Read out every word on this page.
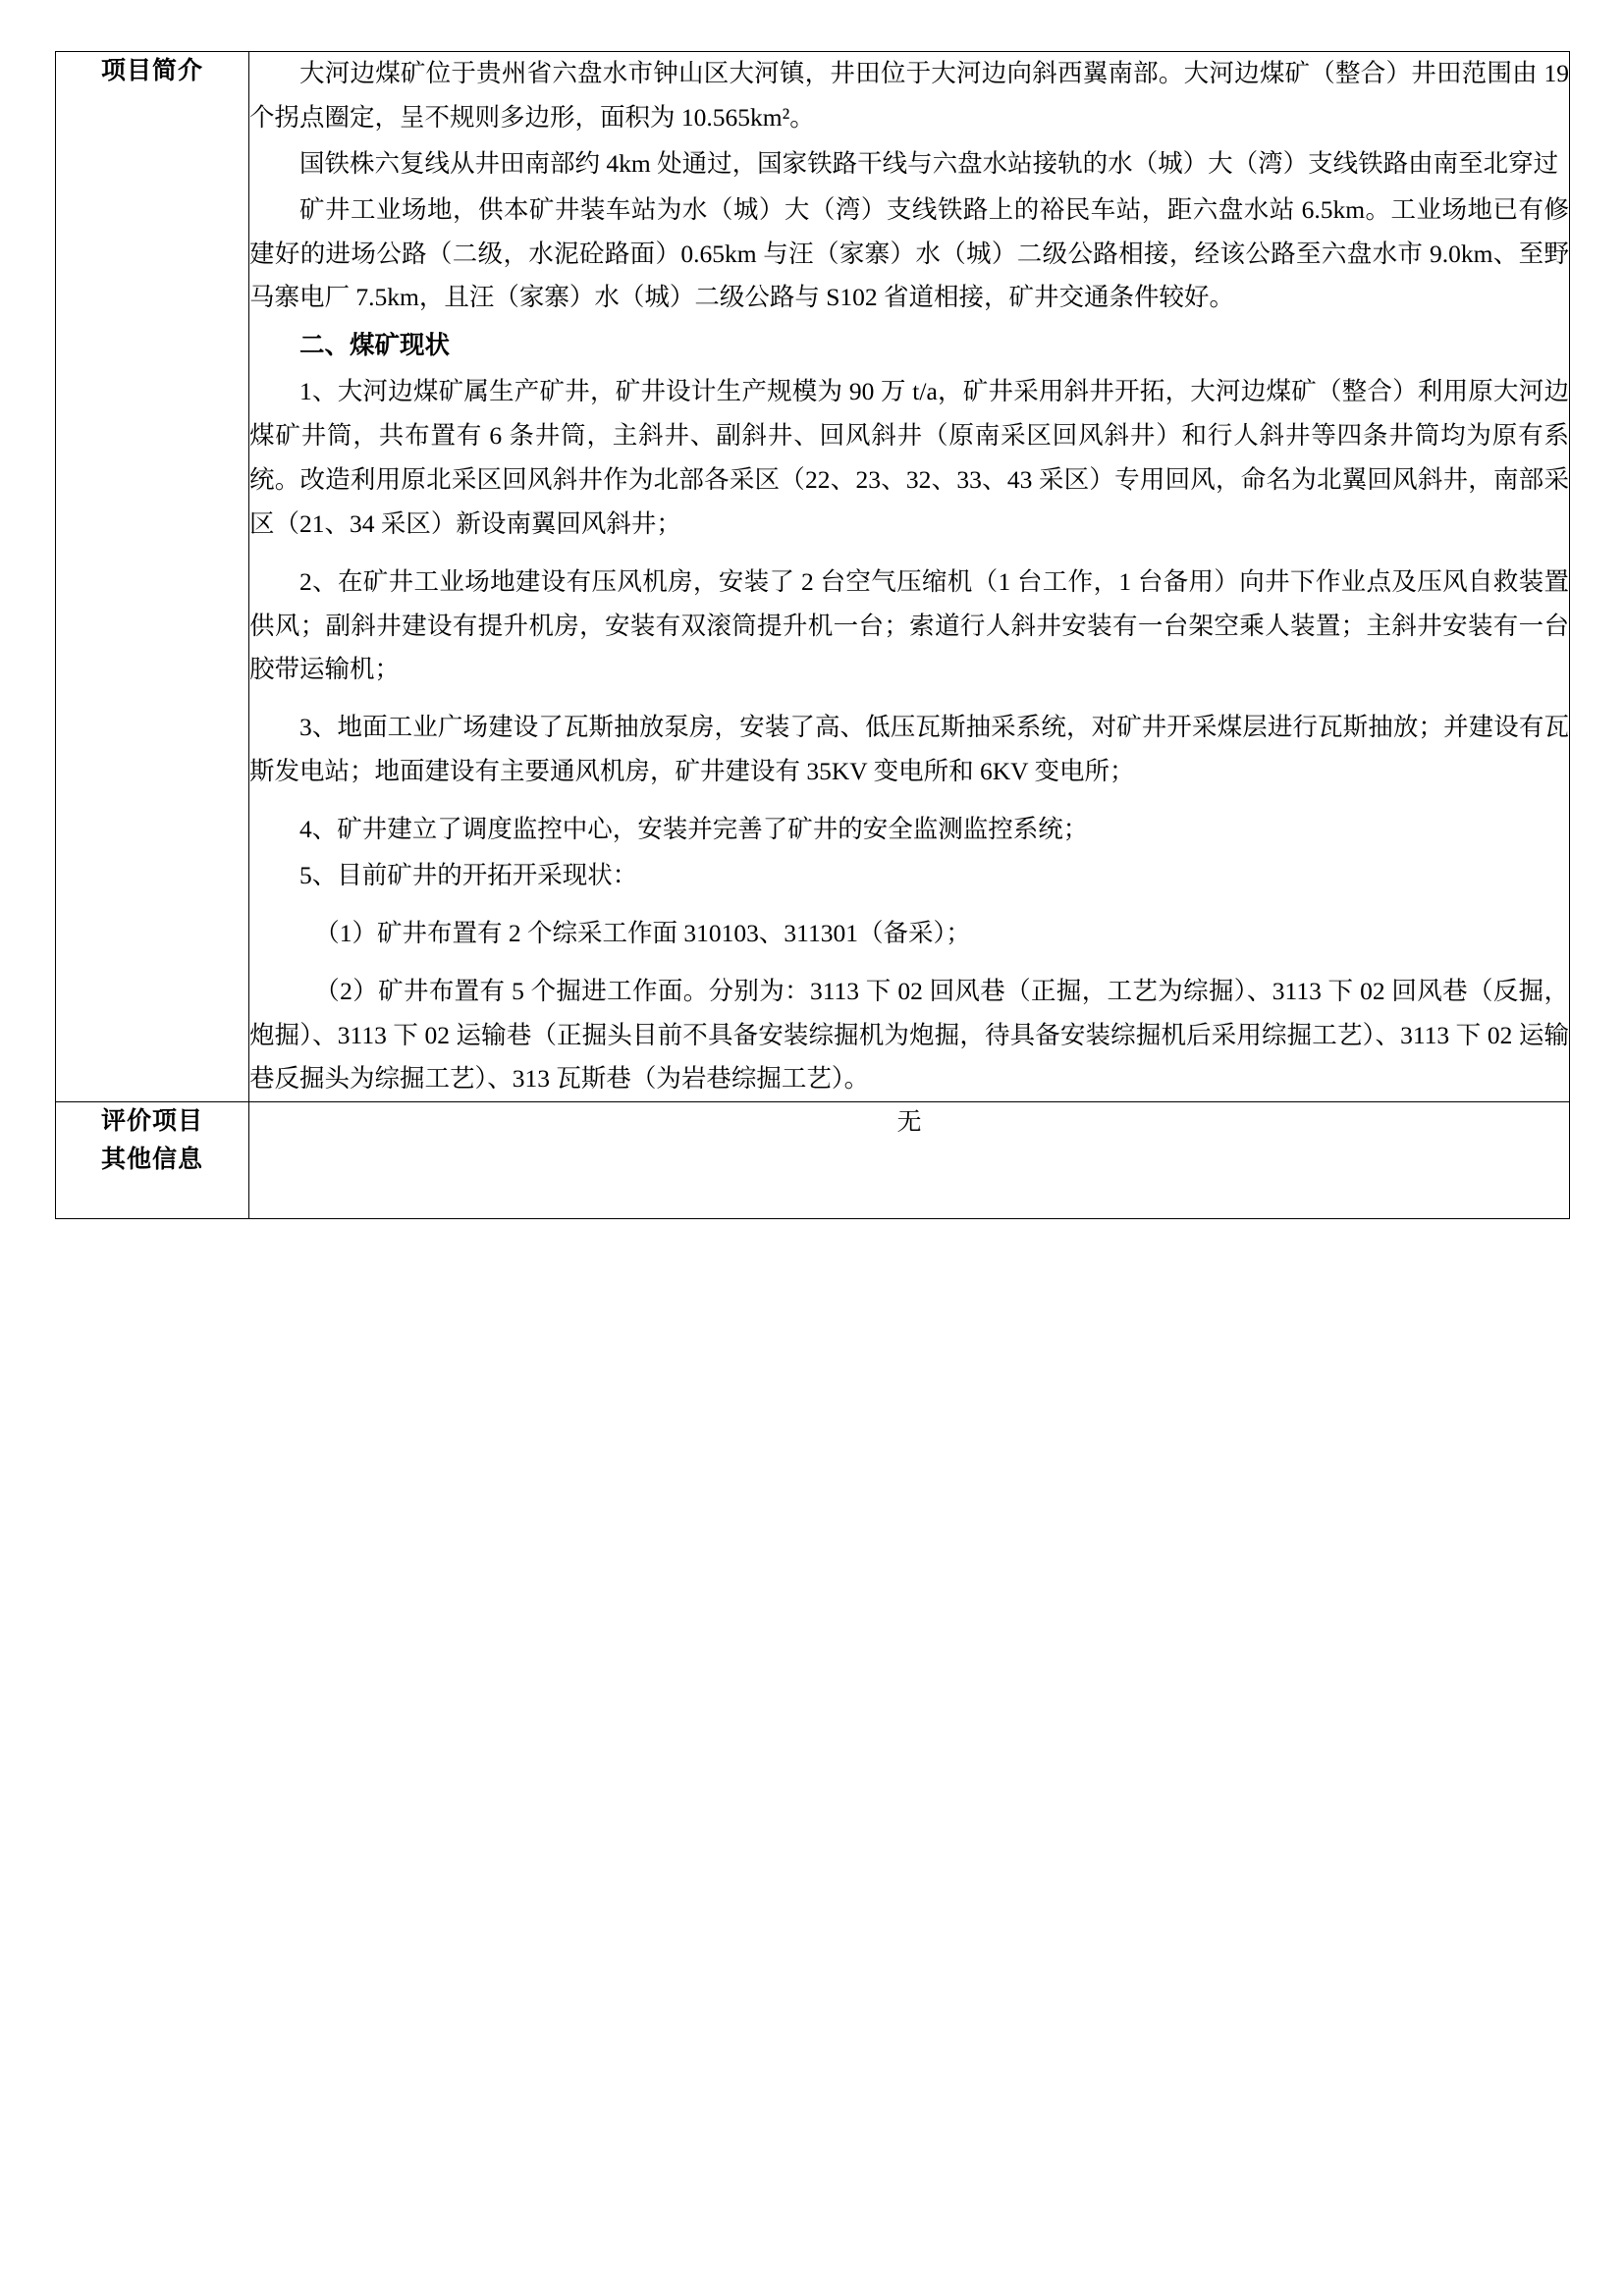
项目简介	大河边煤矿位于贵州省六盘水市钟山区大河镇，井田位于大河边向斜西翼南部。大河边煤矿（整合）井田范围由 19 个拐点圈定，呈不规则多边形，面积为 10.565km²。

国铁株六复线从井田南部约 4km 处通过，国家铁路干线与六盘水站接轨的水（城）大（湾）支线铁路由南至北穿过

矿井工业场地，供本矿井装车站为水（城）大（湾）支线铁路上的裕民车站，距六盘水站 6.5km。工业场地已有修建好的进场公路（二级，水泥砼路面）0.65km 与汪（家寨）水（城）二级公路相接，经该公路至六盘水市 9.0km、至野马寨电厂 7.5km，且汪（家寨）水（城）二级公路与 S102 省道相接，矿井交通条件较好。

二、煤矿现状

1、大河边煤矿属生产矿井，矿井设计生产规模为 90 万 t/a，矿井采用斜井开拓，大河边煤矿（整合）利用原大河边煤矿井筒，共布置有 6 条井筒，主斜井、副斜井、回风斜井（原南采区回风斜井）和行人斜井等四条井筒均为原有系统。改造利用原北采区回风斜井作为北部各采区（22、23、32、33、43 采区）专用回风，命名为北翼回风斜井，南部采区（21、34 采区）新设南翼回风斜井；

2、在矿井工业场地建设有压风机房，安装了 2 台空气压缩机（1 台工作，1 台备用）向井下作业点及压风自救装置供风；副斜井建设有提升机房，安装有双滚筒提升机一台；索道行人斜井安装有一台架空乘人装置；主斜井安装有一台胶带运输机；

3、地面工业广场建设了瓦斯抽放泵房，安装了高、低压瓦斯抽采系统，对矿井开采煤层进行瓦斯抽放；并建设有瓦斯发电站；地面建设有主要通风机房，矿井建设有 35KV 变电所和 6KV 变电所；

4、矿井建立了调度监控中心，安装并完善了矿井的安全监测监控系统；

5、目前矿井的开拓开采现状：

（1）矿井布置有 2 个综采工作面 310103、311301（备采）；

（2）矿井布置有 5 个掘进工作面。分别为：3113 下 02 回风巷（正掘，工艺为综掘）、3113 下 02 回风巷（反掘，炮掘）、3113 下 02 运输巷（正掘头目前不具备安装综掘机为炮掘，待具备安装综掘机后采用综掘工艺）、3113 下 02 运输巷反掘头为综掘工艺）、313 瓦斯巷（为岩巷综掘工艺）。

评价项目
其他信息	无
